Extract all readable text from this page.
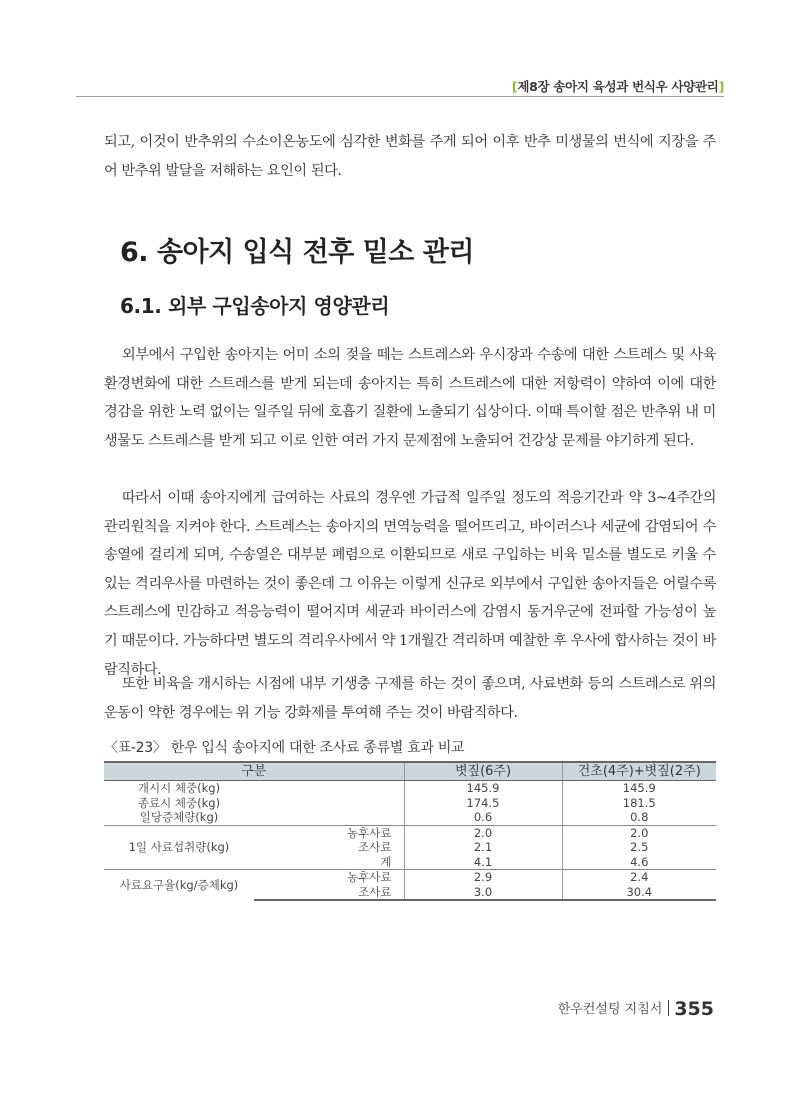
[제8장 송아지 육성과 번식우 사양관리]

되고, 이것이 반추위의 수소이온농도에 심각한 변화를 주게 되어 이후 반추 미생물의 번식에 지장을 주어 반추위 발달을 저해하는 요인이 된다.

6. 송아지 입식 전후 밑소 관리
6.1. 외부 구입송아지 영양관리

외부에서 구입한 송아지는 어미 소의 젖을 떼는 스트레스와 우시장과 수송에 대한 스트레스 및 사육환경변화에 대한 스트레스를 받게 되는데 송아지는 특히 스트레스에 대한 저항력이 약하여 이에 대한 경감을 위한 노력 없이는 일주일 뒤에 호흡기 질환에 노출되기 십상이다. 이때 특이할 점은 반추위 내 미생물도 스트레스를 받게 되고 이로 인한 여러 가지 문제점에 노출되어 건강상 문제를 야기하게 된다.

따라서 이때 송아지에게 급여하는 사료의 경우엔 가급적 일주일 정도의 적응기간과 약 3~4주간의 관리원칙을 지켜야 한다. 스트레스는 송아지의 면역능력을 떨어뜨리고, 바이러스나 세균에 감염되어 수송열에 걸리게 되며, 수송열은 대부분 폐렴으로 이환되므로 새로 구입하는 비육 밑소를 별도로 키울 수 있는 격리우사를 마련하는 것이 좋은데 그 이유는 이렇게 신규로 외부에서 구입한 송아지들은 어릴수록 스트레스에 민감하고 적응능력이 떨어지며 세균과 바이러스에 감염시 동거우군에 전파할 가능성이 높기 때문이다. 가능하다면 별도의 격리우사에서 약 1개월간 격리하며 예찰한 후 우사에 합사하는 것이 바람직하다.

또한 비육을 개시하는 시점에 내부 기생충 구제를 하는 것이 좋으며, 사료변화 등의 스트레스로 위의 운동이 약한 경우에는 위 기능 강화제를 투여해 주는 것이 바람직하다.

〈표-23〉 한우 입식 송아지에 대한 조사료 종류별 효과 비교
구분		볏짚(6주)	건초(4주)+볏짚(2주)
개시시 체중(kg)		145.9	145.9
종료시 체중(kg)		174.5	181.5
일당증체량(kg)		0.6	0.8
1일 사료섭취량(kg)	농후사료	2.0	2.0
	조사료	2.1	2.5
	계	4.1	4.6
사료요구율(kg/증체kg)	농후사료	2.9	2.4
	조사료	3.0	30.4
한우컨설팅 지침서 355
